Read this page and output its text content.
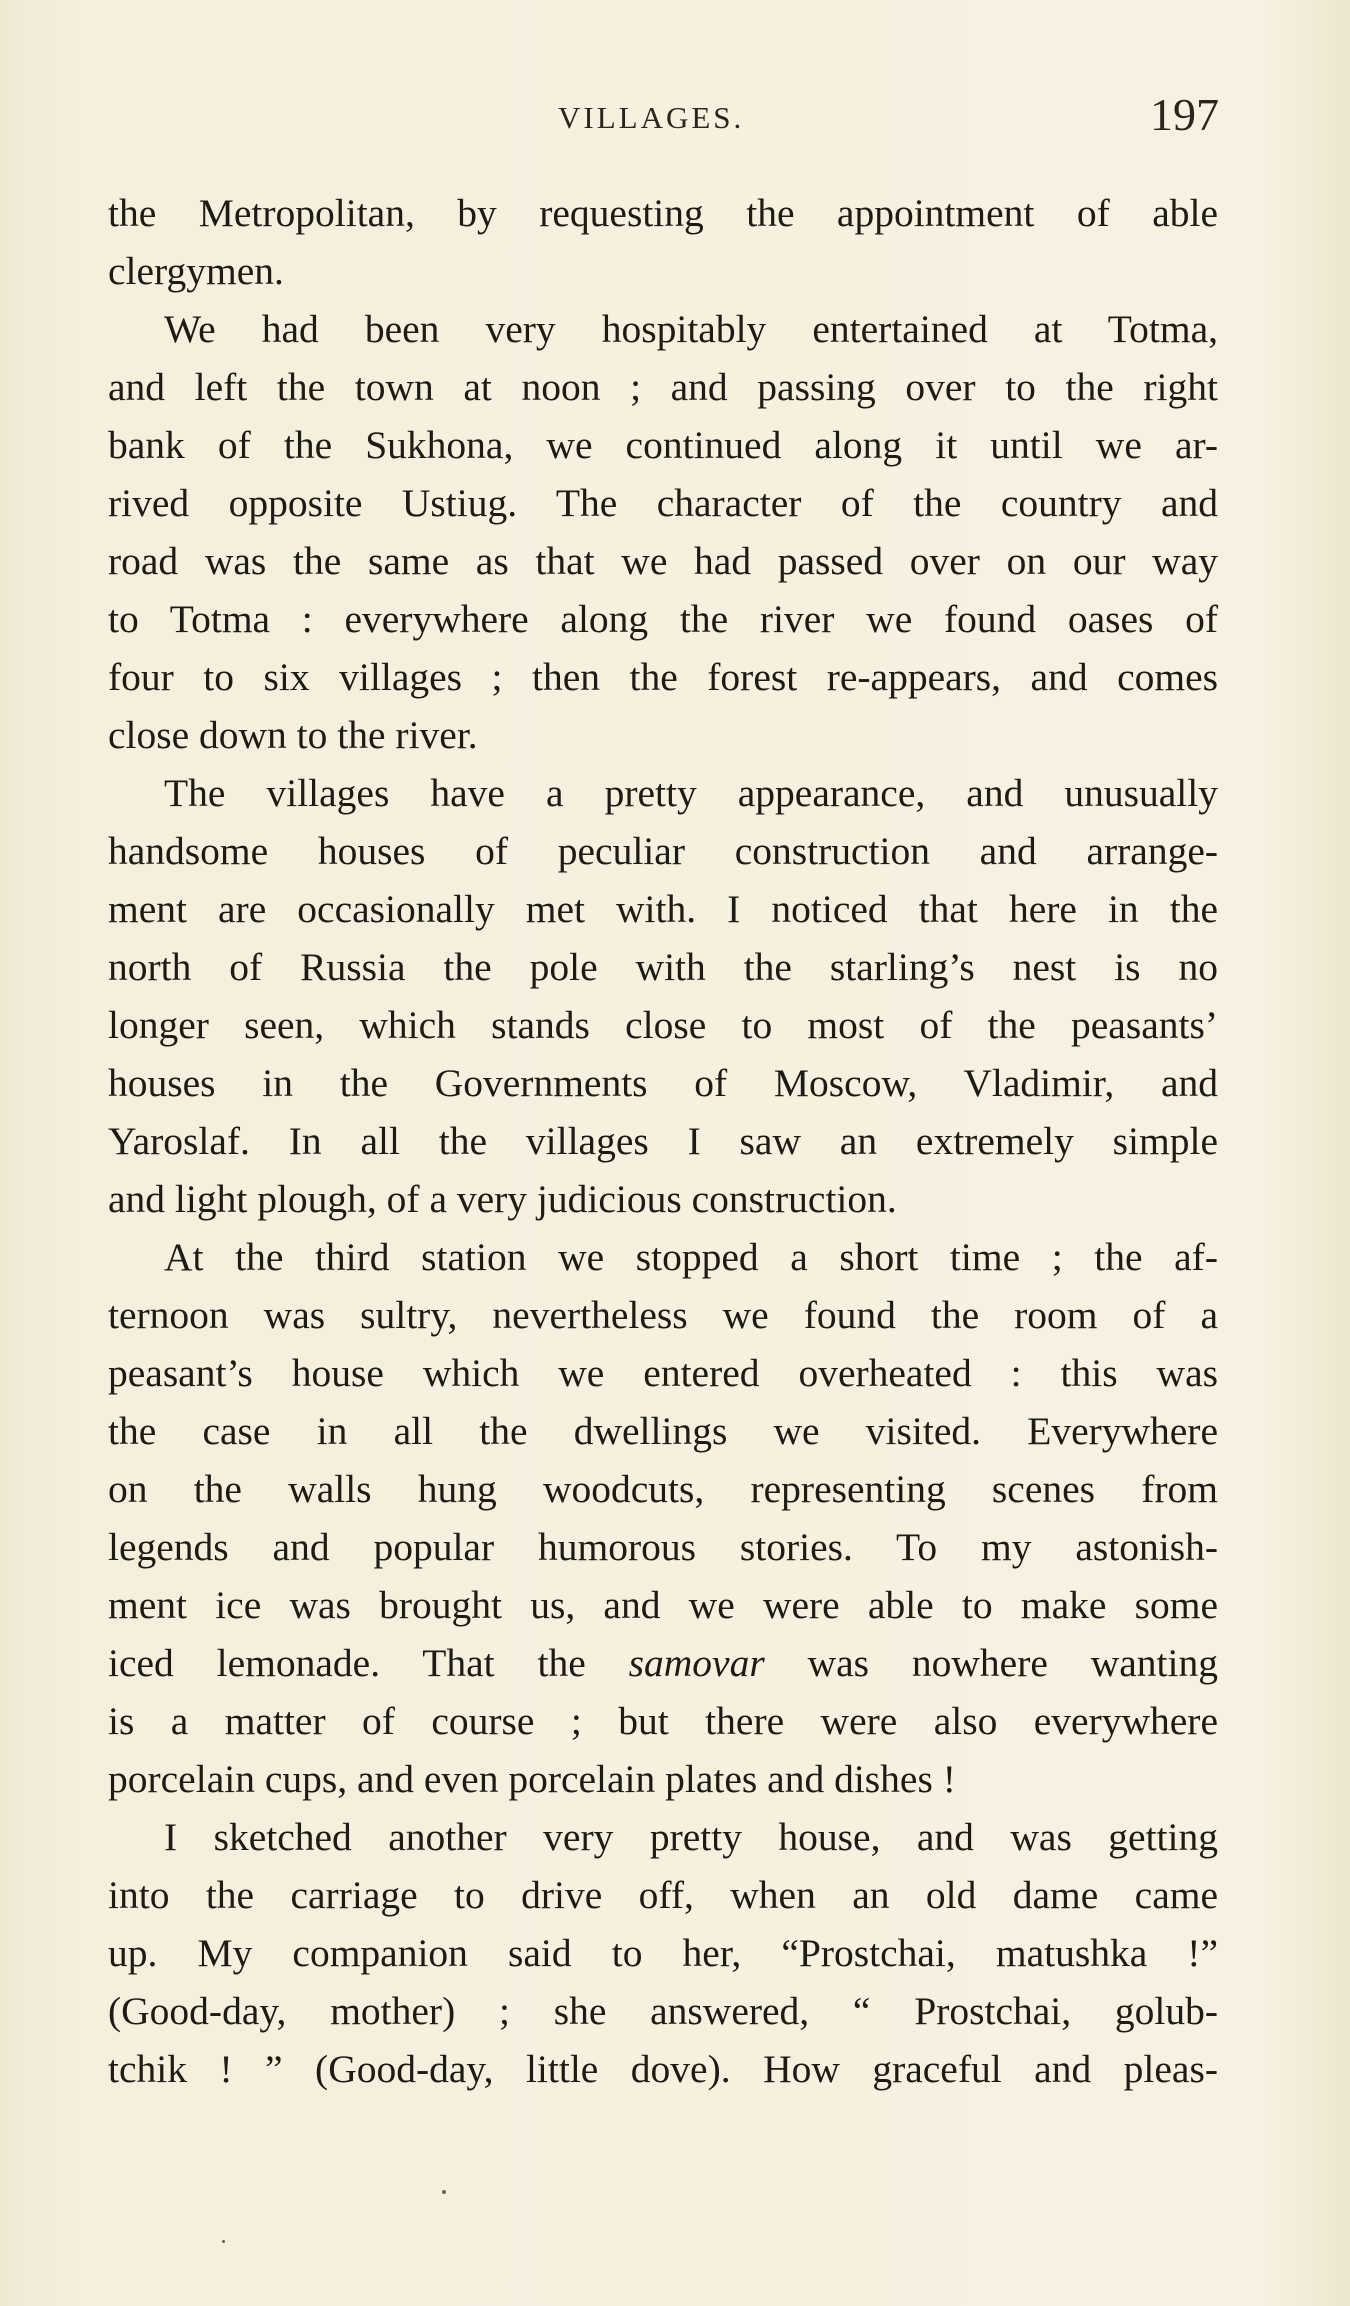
VILLAGES.	197
the Metropolitan, by requesting the appointment of able
clergymen.
We had been very hospitably entertained at Totma,
and left the town at noon ; and passing over to the right
bank of the Sukhona, we continued along it until we ar-
rived opposite Ustiug. The character of the country and
road was the same as that we had passed over on our way
to Totma : everywhere along the river we found oases of
four to six villages ; then the forest re-appears, and comes
close down to the river.
The villages have a pretty appearance, and unusually
handsome houses of peculiar construction and arrange-
ment are occasionally met with. I noticed that here in the
north of Russia the pole with the starling’s nest is no
longer seen, which stands close to most of the peasants’
houses in the Governments of Moscow, Vladimir, and
Yaroslaf. In all the villages I saw an extremely simple
and light plough, of a very judicious construction.
At the third station we stopped a short time ; the af-
ternoon was sultry, nevertheless we found the room of a
peasant’s house which we entered overheated : this was
the case in all the dwellings we visited. Everywhere
on the walls hung woodcuts, representing scenes from
legends and popular humorous stories. To my astonish-
ment ice was brought us, and we were able to make some
iced lemonade. That the samovar was nowhere wanting
is a matter of course ; but there were also everywhere
porcelain cups, and even porcelain plates and dishes !
I sketched another very pretty house, and was getting
into the carriage to drive off, when an old dame came
up. My companion said to her, “Prostchai, matushka !”
(Good-day, mother) ; she answered, “ Prostchai, golub-
tchik ! ” (Good-day, little dove). How graceful and pleas-
